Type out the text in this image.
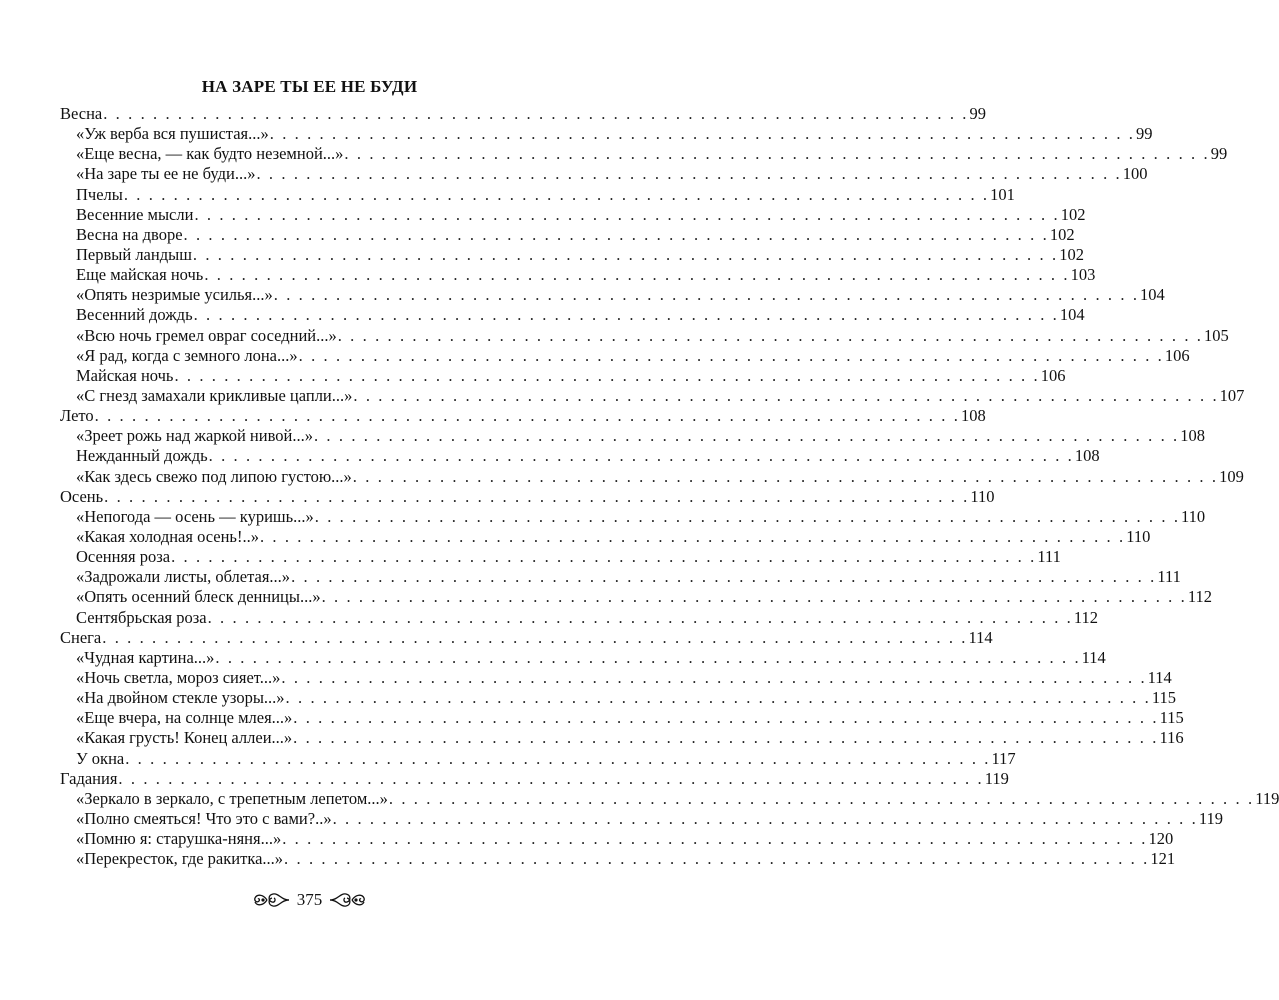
НА ЗАРЕ ТЫ ЕЕ НЕ БУДИ
Весна . . . . . . . . . . . . . . . . . . . . . . . . . . . . . . . . . . . . . . . . . . . . . . . . . . . . . . . . . . . . . . . . . . . . . . 99
«Уж верба вся пушистая...» . . . . . . . . . . . . . . . . . . . . . . . . . . . . . . . . . . . . . . . . . . . . . . . . . . . . . . . . . . . . . . . . . . . . . . 99
«Еще весна, — как будто неземной...» . . . . . . . . . . . . . . . . . . . . . . . . . . . . . . . . . . . . . . . . . . . . . . . . . . . . . . . . . . . . . . . . . . . . . . 99
«На заре ты ее не буди...» . . . . . . . . . . . . . . . . . . . . . . . . . . . . . . . . . . . . . . . . . . . . . . . . . . . . . . . . . . . . . . . . . . . . . . 100
Пчелы . . . . . . . . . . . . . . . . . . . . . . . . . . . . . . . . . . . . . . . . . . . . . . . . . . . . . . . . . . . . . . . . . . . . . . 101
Весенние мысли . . . . . . . . . . . . . . . . . . . . . . . . . . . . . . . . . . . . . . . . . . . . . . . . . . . . . . . . . . . . . . . . . . . . . . 102
Весна на дворе . . . . . . . . . . . . . . . . . . . . . . . . . . . . . . . . . . . . . . . . . . . . . . . . . . . . . . . . . . . . . . . . . . . . . . 102
Первый ландыш . . . . . . . . . . . . . . . . . . . . . . . . . . . . . . . . . . . . . . . . . . . . . . . . . . . . . . . . . . . . . . . . . . . . . . 102
Еще майская ночь . . . . . . . . . . . . . . . . . . . . . . . . . . . . . . . . . . . . . . . . . . . . . . . . . . . . . . . . . . . . . . . . . . . . . . 103
«Опять незримые усилья...» . . . . . . . . . . . . . . . . . . . . . . . . . . . . . . . . . . . . . . . . . . . . . . . . . . . . . . . . . . . . . . . . . . . . . . 104
Весенний дождь . . . . . . . . . . . . . . . . . . . . . . . . . . . . . . . . . . . . . . . . . . . . . . . . . . . . . . . . . . . . . . . . . . . . . . 104
«Всю ночь гремел овраг соседний...» . . . . . . . . . . . . . . . . . . . . . . . . . . . . . . . . . . . . . . . . . . . . . . . . . . . . . . . . . . . . . . . . . . . . . . 105
«Я рад, когда с земного лона...» . . . . . . . . . . . . . . . . . . . . . . . . . . . . . . . . . . . . . . . . . . . . . . . . . . . . . . . . . . . . . . . . . . . . . . 106
Майская ночь . . . . . . . . . . . . . . . . . . . . . . . . . . . . . . . . . . . . . . . . . . . . . . . . . . . . . . . . . . . . . . . . . . . . . . 106
«С гнезд замахали крикливые цапли...» . . . . . . . . . . . . . . . . . . . . . . . . . . . . . . . . . . . . . . . . . . . . . . . . . . . . . . . . . . . . . . . . . . . . . . 107
Лето . . . . . . . . . . . . . . . . . . . . . . . . . . . . . . . . . . . . . . . . . . . . . . . . . . . . . . . . . . . . . . . . . . . . . . 108
«Зреет рожь над жаркой нивой...» . . . . . . . . . . . . . . . . . . . . . . . . . . . . . . . . . . . . . . . . . . . . . . . . . . . . . . . . . . . . . . . . . . . . . . 108
Нежданный дождь . . . . . . . . . . . . . . . . . . . . . . . . . . . . . . . . . . . . . . . . . . . . . . . . . . . . . . . . . . . . . . . . . . . . . . 108
«Как здесь свежо под липою густою...» . . . . . . . . . . . . . . . . . . . . . . . . . . . . . . . . . . . . . . . . . . . . . . . . . . . . . . . . . . . . . . . . . . . . . . 109
Осень . . . . . . . . . . . . . . . . . . . . . . . . . . . . . . . . . . . . . . . . . . . . . . . . . . . . . . . . . . . . . . . . . . . . . . 110
«Непогода — осень — куришь...» . . . . . . . . . . . . . . . . . . . . . . . . . . . . . . . . . . . . . . . . . . . . . . . . . . . . . . . . . . . . . . . . . . . . . . 110
«Какая холодная осень!..» . . . . . . . . . . . . . . . . . . . . . . . . . . . . . . . . . . . . . . . . . . . . . . . . . . . . . . . . . . . . . . . . . . . . . . 110
Осенняя роза . . . . . . . . . . . . . . . . . . . . . . . . . . . . . . . . . . . . . . . . . . . . . . . . . . . . . . . . . . . . . . . . . . . . . . 111
«Задрожали листы, облетая...» . . . . . . . . . . . . . . . . . . . . . . . . . . . . . . . . . . . . . . . . . . . . . . . . . . . . . . . . . . . . . . . . . . . . . . 111
«Опять осенний блеск денницы...» . . . . . . . . . . . . . . . . . . . . . . . . . . . . . . . . . . . . . . . . . . . . . . . . . . . . . . . . . . . . . . . . . . . . . . 112
Сентябрьская роза . . . . . . . . . . . . . . . . . . . . . . . . . . . . . . . . . . . . . . . . . . . . . . . . . . . . . . . . . . . . . . . . . . . . . . 112
Снега . . . . . . . . . . . . . . . . . . . . . . . . . . . . . . . . . . . . . . . . . . . . . . . . . . . . . . . . . . . . . . . . . . . . . . 114
«Чудная картина...» . . . . . . . . . . . . . . . . . . . . . . . . . . . . . . . . . . . . . . . . . . . . . . . . . . . . . . . . . . . . . . . . . . . . . . 114
«Ночь светла, мороз сияет...» . . . . . . . . . . . . . . . . . . . . . . . . . . . . . . . . . . . . . . . . . . . . . . . . . . . . . . . . . . . . . . . . . . . . . . 114
«На двойном стекле узоры...» . . . . . . . . . . . . . . . . . . . . . . . . . . . . . . . . . . . . . . . . . . . . . . . . . . . . . . . . . . . . . . . . . . . . . . 115
«Еще вчера, на солнце млея...» . . . . . . . . . . . . . . . . . . . . . . . . . . . . . . . . . . . . . . . . . . . . . . . . . . . . . . . . . . . . . . . . . . . . . . 115
«Какая грусть! Конец аллеи...» . . . . . . . . . . . . . . . . . . . . . . . . . . . . . . . . . . . . . . . . . . . . . . . . . . . . . . . . . . . . . . . . . . . . . . 116
У окна . . . . . . . . . . . . . . . . . . . . . . . . . . . . . . . . . . . . . . . . . . . . . . . . . . . . . . . . . . . . . . . . . . . . . . 117
Гадания . . . . . . . . . . . . . . . . . . . . . . . . . . . . . . . . . . . . . . . . . . . . . . . . . . . . . . . . . . . . . . . . . . . . . . 119
«Зеркало в зеркало, с трепетным лепетом...» . . . . . . . . . . . . . . . . . . . . . . . . . . . . . . . . . . . . . . . . . . . . . . . . . . . . . . . . . . . . . . . . . . . . . . 119
«Полно смеяться! Что это с вами?..» . . . . . . . . . . . . . . . . . . . . . . . . . . . . . . . . . . . . . . . . . . . . . . . . . . . . . . . . . . . . . . . . . . . . . . 119
«Помню я: старушка-няня...» . . . . . . . . . . . . . . . . . . . . . . . . . . . . . . . . . . . . . . . . . . . . . . . . . . . . . . . . . . . . . . . . . . . . . . 120
«Перекресток, где ракитка...» . . . . . . . . . . . . . . . . . . . . . . . . . . . . . . . . . . . . . . . . . . . . . . . . . . . . . . . . . . . . . . . . . . . . . . 121
375
